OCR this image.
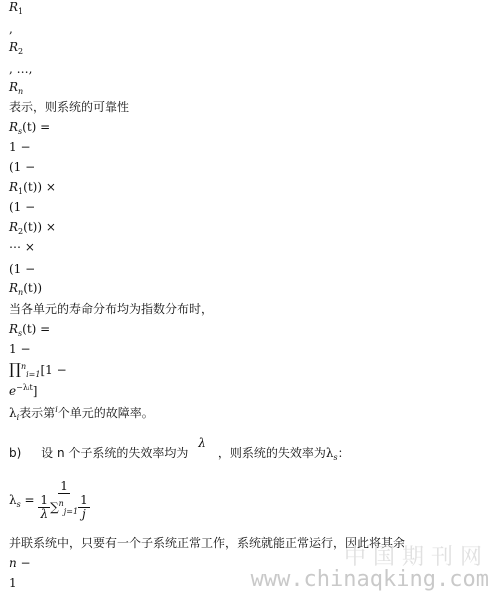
$R_1$
,
$R_2$
, …,
$R_n$
表示，则系统的可靠性
$R_s(t)$ =
1 −
(1 −
$R_1(t)$) ×
(1 −
$R_2(t)$) ×
⋯ ×
(1 −
$R_n(t)$)
当各单元的寿命分布均为指数分布时，
$R_s(t)$ =
1 −
∏$^n_{i=1}$[1 −
$e^{-\lambda ᵢt}$]
$\lambda_i$表示第$^i$个单元的故障率。
b) 设 n 个子系统的失效率均为 λ，则系统的失效率为$\lambda_s$：
$\lambda_s = \frac{1}{\frac{1}{\lambda} \sum^n_{j=1} \frac{1}{j}}$
并联系统中，只要有一个子系统正常工作，系统就能正常运行，因此将其余
n −
1
中国期刊网
www.chinaqking.com
